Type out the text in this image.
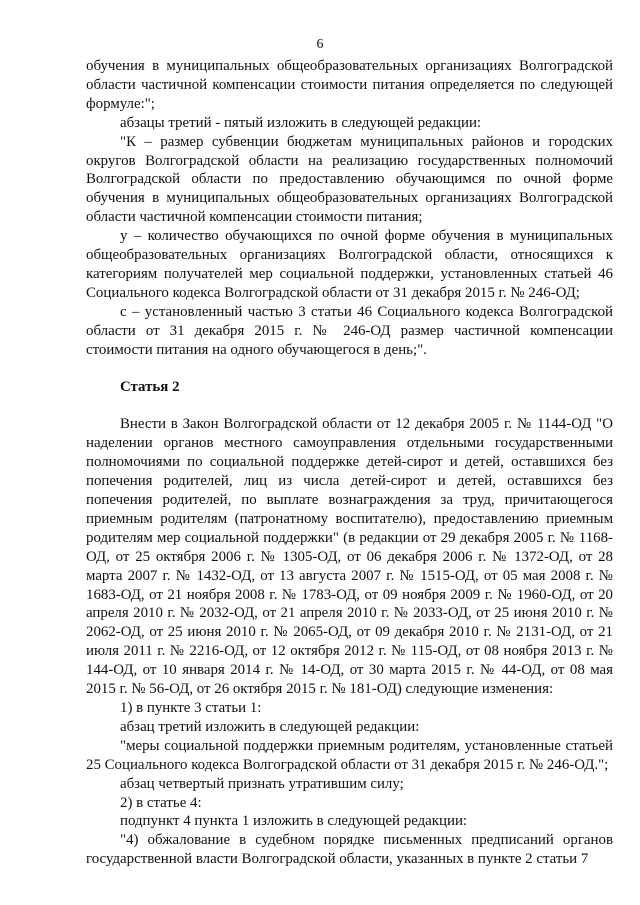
6

обучения в муниципальных общеобразовательных организациях Волгоградской области частичной компенсации стоимости питания определяется по следующей формуле:";

абзацы третий - пятый изложить в следующей редакции:

"К – размер субвенции бюджетам муниципальных районов и городских округов Волгоградской области на реализацию государственных полномочий Волгоградской области по предоставлению обучающимся по очной форме обучения в муниципальных общеобразовательных организациях Волгоградской области частичной компенсации стоимости питания;

у – количество обучающихся по очной форме обучения в муниципальных общеобразовательных организациях Волгоградской области, относящихся к категориям получателей мер социальной поддержки, установленных статьей 46 Социального кодекса Волгоградской области от 31 декабря 2015 г. № 246-ОД;

с – установленный частью 3 статьи 46 Социального кодекса Волгоградской области от 31 декабря 2015 г. № 246-ОД размер частичной компенсации стоимости питания на одного обучающегося в день;".

Статья 2

Внести в Закон Волгоградской области от 12 декабря 2005 г. № 1144-ОД "О наделении органов местного самоуправления отдельными государственными полномочиями по социальной поддержке детей-сирот и детей, оставшихся без попечения родителей, лиц из числа детей-сирот и детей, оставшихся без попечения родителей, по выплате вознаграждения за труд, причитающегося приемным родителям (патронатному воспитателю), предоставлению приемным родителям мер социальной поддержки" (в редакции от 29 декабря 2005 г. № 1168-ОД, от 25 октября 2006 г. № 1305-ОД, от 06 декабря 2006 г. № 1372-ОД, от 28 марта 2007 г. № 1432-ОД, от 13 августа 2007 г. № 1515-ОД, от 05 мая 2008 г. № 1683-ОД, от 21 ноября 2008 г. № 1783-ОД, от 09 ноября 2009 г. № 1960-ОД, от 20 апреля 2010 г. № 2032-ОД, от 21 апреля 2010 г. № 2033-ОД, от 25 июня 2010 г. № 2062-ОД, от 25 июня 2010 г. № 2065-ОД, от 09 декабря 2010 г. № 2131-ОД, от 21 июля 2011 г. № 2216-ОД, от 12 октября 2012 г. № 115-ОД, от 08 ноября 2013 г. № 144-ОД, от 10 января 2014 г. № 14-ОД, от 30 марта 2015 г. № 44-ОД, от 08 мая 2015 г. № 56-ОД, от 26 октября 2015 г. № 181-ОД) следующие изменения:

1) в пункте 3 статьи 1:

абзац третий изложить в следующей редакции:

"меры социальной поддержки приемным родителям, установленные статьей 25 Социального кодекса Волгоградской области от 31 декабря 2015 г. № 246-ОД.";

абзац четвертый признать утратившим силу;

2) в статье 4:

подпункт 4 пункта 1 изложить в следующей редакции:

"4) обжалование в судебном порядке письменных предписаний органов государственной власти Волгоградской области, указанных в пункте 2 статьи 7
